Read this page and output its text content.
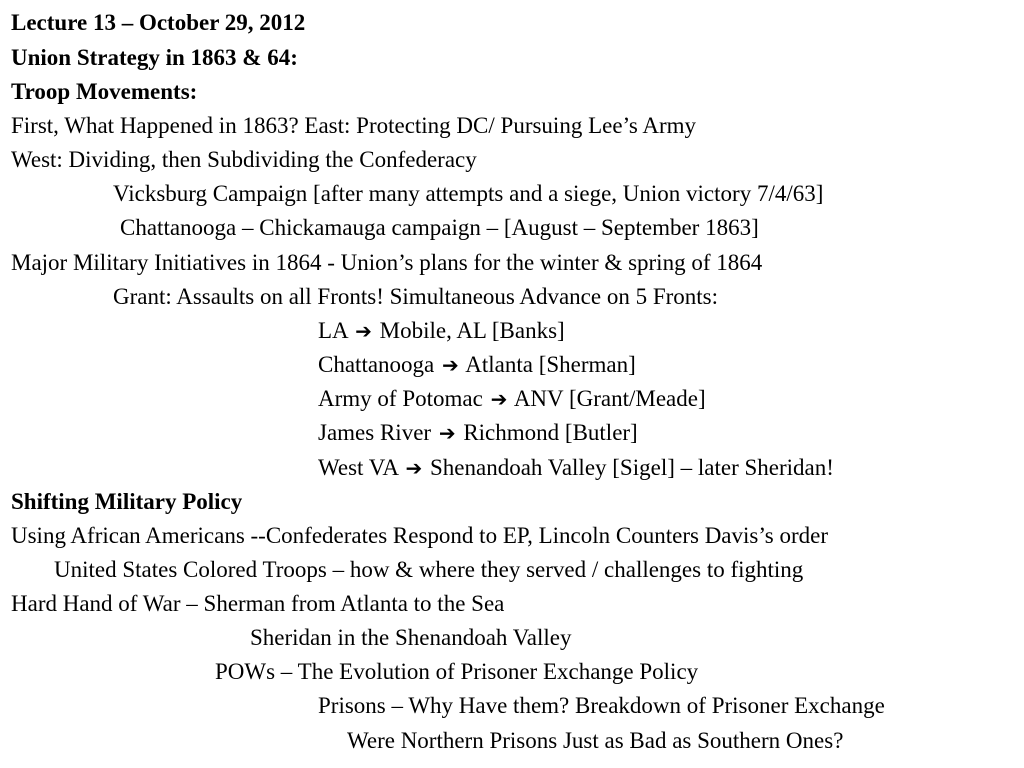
Lecture 13 – October 29, 2012
Union Strategy in 1863 & 64:
Troop Movements:
First, What Happened in 1863? East: Protecting DC/ Pursuing Lee’s Army
West: Dividing, then Subdividing the Confederacy
Vicksburg Campaign [after many attempts and a siege, Union victory 7/4/63]
Chattanooga – Chickamauga campaign – [August – September 1863]
Major Military Initiatives in 1864 - Union’s plans for the winter & spring of 1864
Grant: Assaults on all Fronts! Simultaneous Advance on 5 Fronts:
LA ➔ Mobile, AL [Banks]
Chattanooga ➔ Atlanta [Sherman]
Army of Potomac ➔ ANV [Grant/Meade]
James River ➔ Richmond [Butler]
West VA ➔ Shenandoah Valley [Sigel] – later Sheridan!
Shifting Military Policy
Using African Americans --Confederates Respond to EP, Lincoln Counters Davis’s order
United States Colored Troops – how & where they served / challenges to fighting
Hard Hand of War – Sherman from Atlanta to the Sea
Sheridan in the Shenandoah Valley
POWs – The Evolution of Prisoner Exchange Policy
Prisons – Why Have them? Breakdown of Prisoner Exchange
Were Northern Prisons Just as Bad as Southern Ones?
